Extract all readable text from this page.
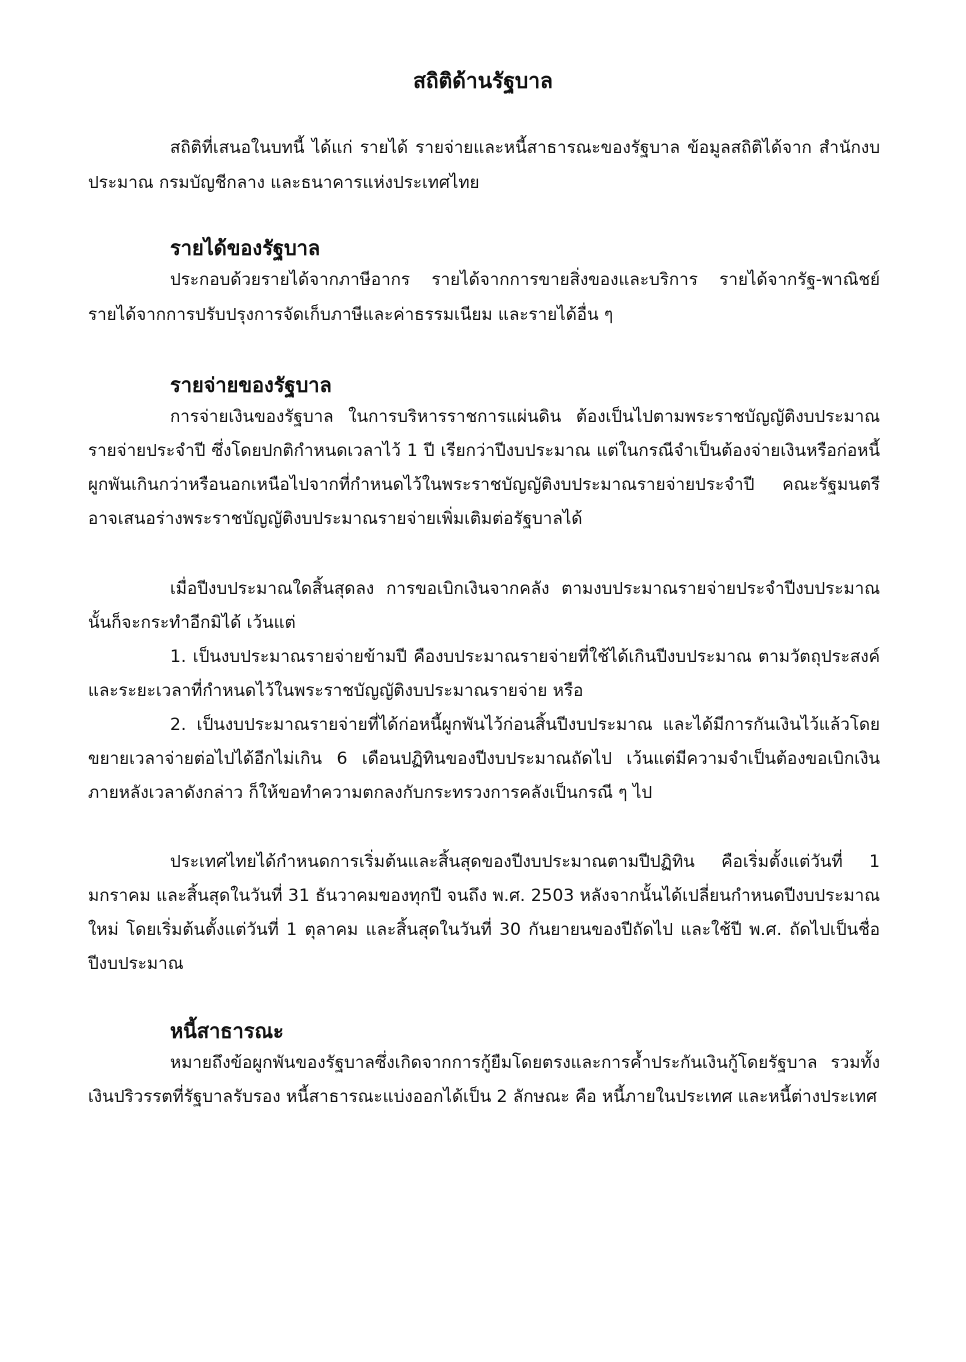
สถิติด้านรัฐบาล

สถิติที่เสนอในบทนี้ ได้แก่ รายได้ รายจ่ายและหนี้สาธารณะของรัฐบาล ข้อมูลสถิติได้จาก สำนักงบประมาณ กรมบัญชีกลาง และธนาคารแห่งประเทศไทย

รายได้ของรัฐบาล

ประกอบด้วยรายได้จากภาษีอากร รายได้จากการขายสิ่งของและบริการ รายได้จากรัฐ-พาณิชย์ รายได้จากการปรับปรุงการจัดเก็บภาษีและค่าธรรมเนียม และรายได้อื่น ๆ

รายจ่ายของรัฐบาล

การจ่ายเงินของรัฐบาล ในการบริหารราชการแผ่นดิน ต้องเป็นไปตามพระราชบัญญัติงบประมาณรายจ่ายประจำปี ซึ่งโดยปกติกำหนดเวลาไว้ 1 ปี เรียกว่าปีงบประมาณ แต่ในกรณีจำเป็นต้องจ่ายเงินหรือก่อหนี้ผูกพันเกินกว่าหรือนอกเหนือไปจากที่กำหนดไว้ในพระราชบัญญัติงบประมาณรายจ่ายประจำปี คณะรัฐมนตรีอาจเสนอร่างพระราชบัญญัติงบประมาณรายจ่ายเพิ่มเติมต่อรัฐบาลได้

เมื่อปีงบประมาณใดสิ้นสุดลง การขอเบิกเงินจากคลัง ตามงบประมาณรายจ่ายประจำปีงบประมาณนั้นก็จะกระทำอีกมิได้ เว้นแต่

1. เป็นงบประมาณรายจ่ายข้ามปี คืองบประมาณรายจ่ายที่ใช้ได้เกินปีงบประมาณ ตามวัตถุประสงค์ และระยะเวลาที่กำหนดไว้ในพระราชบัญญัติงบประมาณรายจ่าย หรือ

2. เป็นงบประมาณรายจ่ายที่ได้ก่อหนี้ผูกพันไว้ก่อนสิ้นปีงบประมาณ และได้มีการกันเงินไว้แล้วโดยขยายเวลาจ่ายต่อไปได้อีกไม่เกิน 6 เดือนปฏิทินของปีงบประมาณถัดไป เว้นแต่มีความจำเป็นต้องขอเบิกเงินภายหลังเวลาดังกล่าว ก็ให้ขอทำความตกลงกับกระทรวงการคลังเป็นกรณี ๆ ไป

ประเทศไทยได้กำหนดการเริ่มต้นและสิ้นสุดของปีงบประมาณตามปีปฏิทิน คือเริ่มตั้งแต่วันที่ 1 มกราคม และสิ้นสุดในวันที่ 31 ธันวาคมของทุกปี จนถึง พ.ศ. 2503 หลังจากนั้นได้เปลี่ยนกำหนดปีงบประมาณใหม่ โดยเริ่มต้นตั้งแต่วันที่ 1 ตุลาคม และสิ้นสุดในวันที่ 30 กันยายนของปีถัดไป และใช้ปี พ.ศ. ถัดไปเป็นชื่อปีงบประมาณ

หนี้สาธารณะ

หมายถึงข้อผูกพันของรัฐบาลซึ่งเกิดจากการกู้ยืมโดยตรงและการค้ำประกันเงินกู้โดยรัฐบาล รวมทั้งเงินปริวรรตที่รัฐบาลรับรอง หนี้สาธารณะแบ่งออกได้เป็น 2 ลักษณะ คือ หนี้ภายในประเทศ และหนี้ต่างประเทศ
